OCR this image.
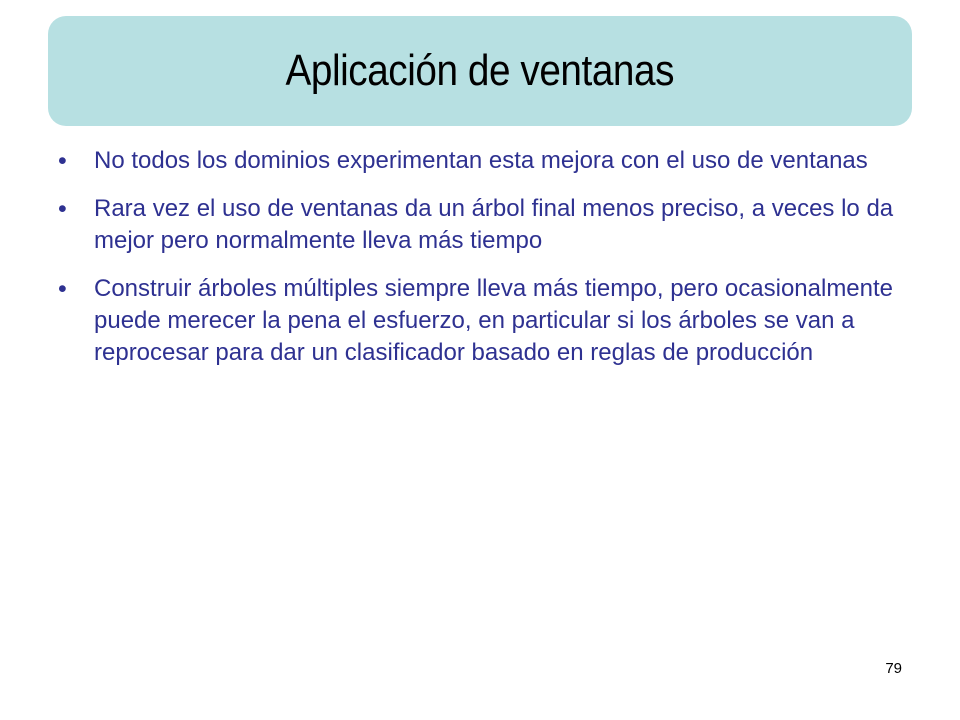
Aplicación de ventanas
•	No todos los dominios experimentan esta mejora con el uso de ventanas
•	Rara vez el uso de ventanas da un árbol final menos preciso, a veces lo da mejor pero normalmente lleva más tiempo
•	Construir árboles múltiples siempre lleva más tiempo, pero ocasionalmente puede merecer la pena el esfuerzo, en particular si los árboles se van a reprocesar para dar un clasificador basado en reglas de producción
79
